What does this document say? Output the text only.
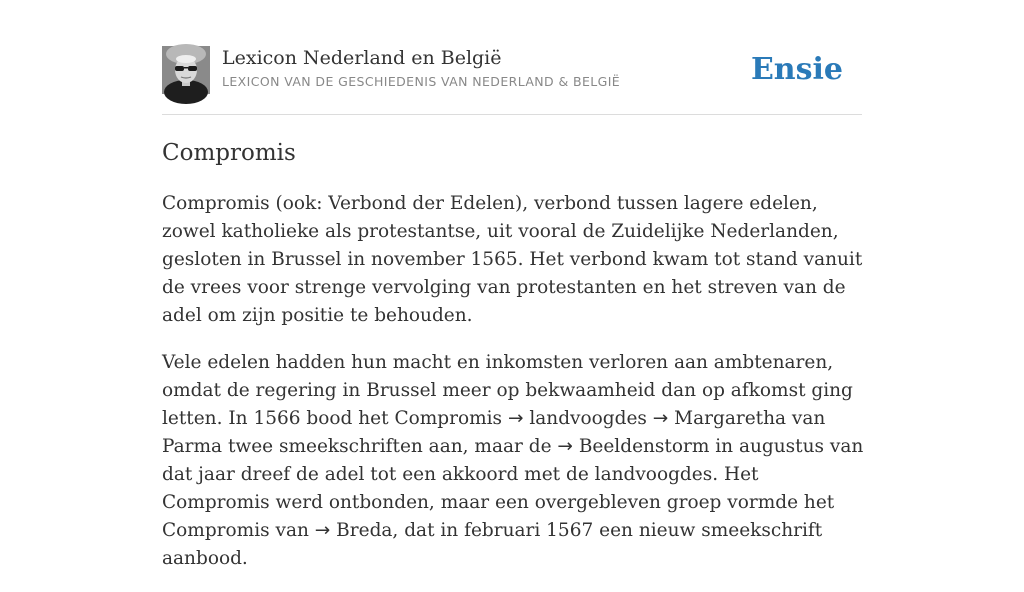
Lexicon Nederland en België
LEXICON VAN DE GESCHIEDENIS VAN NEDERLAND & BELGIË	Ensie
Compromis

Compromis (ook: Verbond der Edelen), verbond tussen lagere edelen, zowel katholieke als protestantse, uit vooral de Zuidelijke Nederlanden, gesloten in Brussel in november 1565. Het verbond kwam tot stand vanuit de vrees voor strenge vervolging van protestanten en het streven van de adel om zijn positie te behouden.

Vele edelen hadden hun macht en inkomsten verloren aan ambtenaren, omdat de regering in Brussel meer op bekwaamheid dan op afkomst ging letten. In 1566 bood het Compromis → landvoogdes → Margaretha van Parma twee smeekschriften aan, maar de → Beeldenstorm in augustus van dat jaar dreef de adel tot een akkoord met de landvoogdes. Het Compromis werd ontbonden, maar een overgebleven groep vormde het Compromis van → Breda, dat in februari 1567 een nieuw smeekschrift aanbood.
